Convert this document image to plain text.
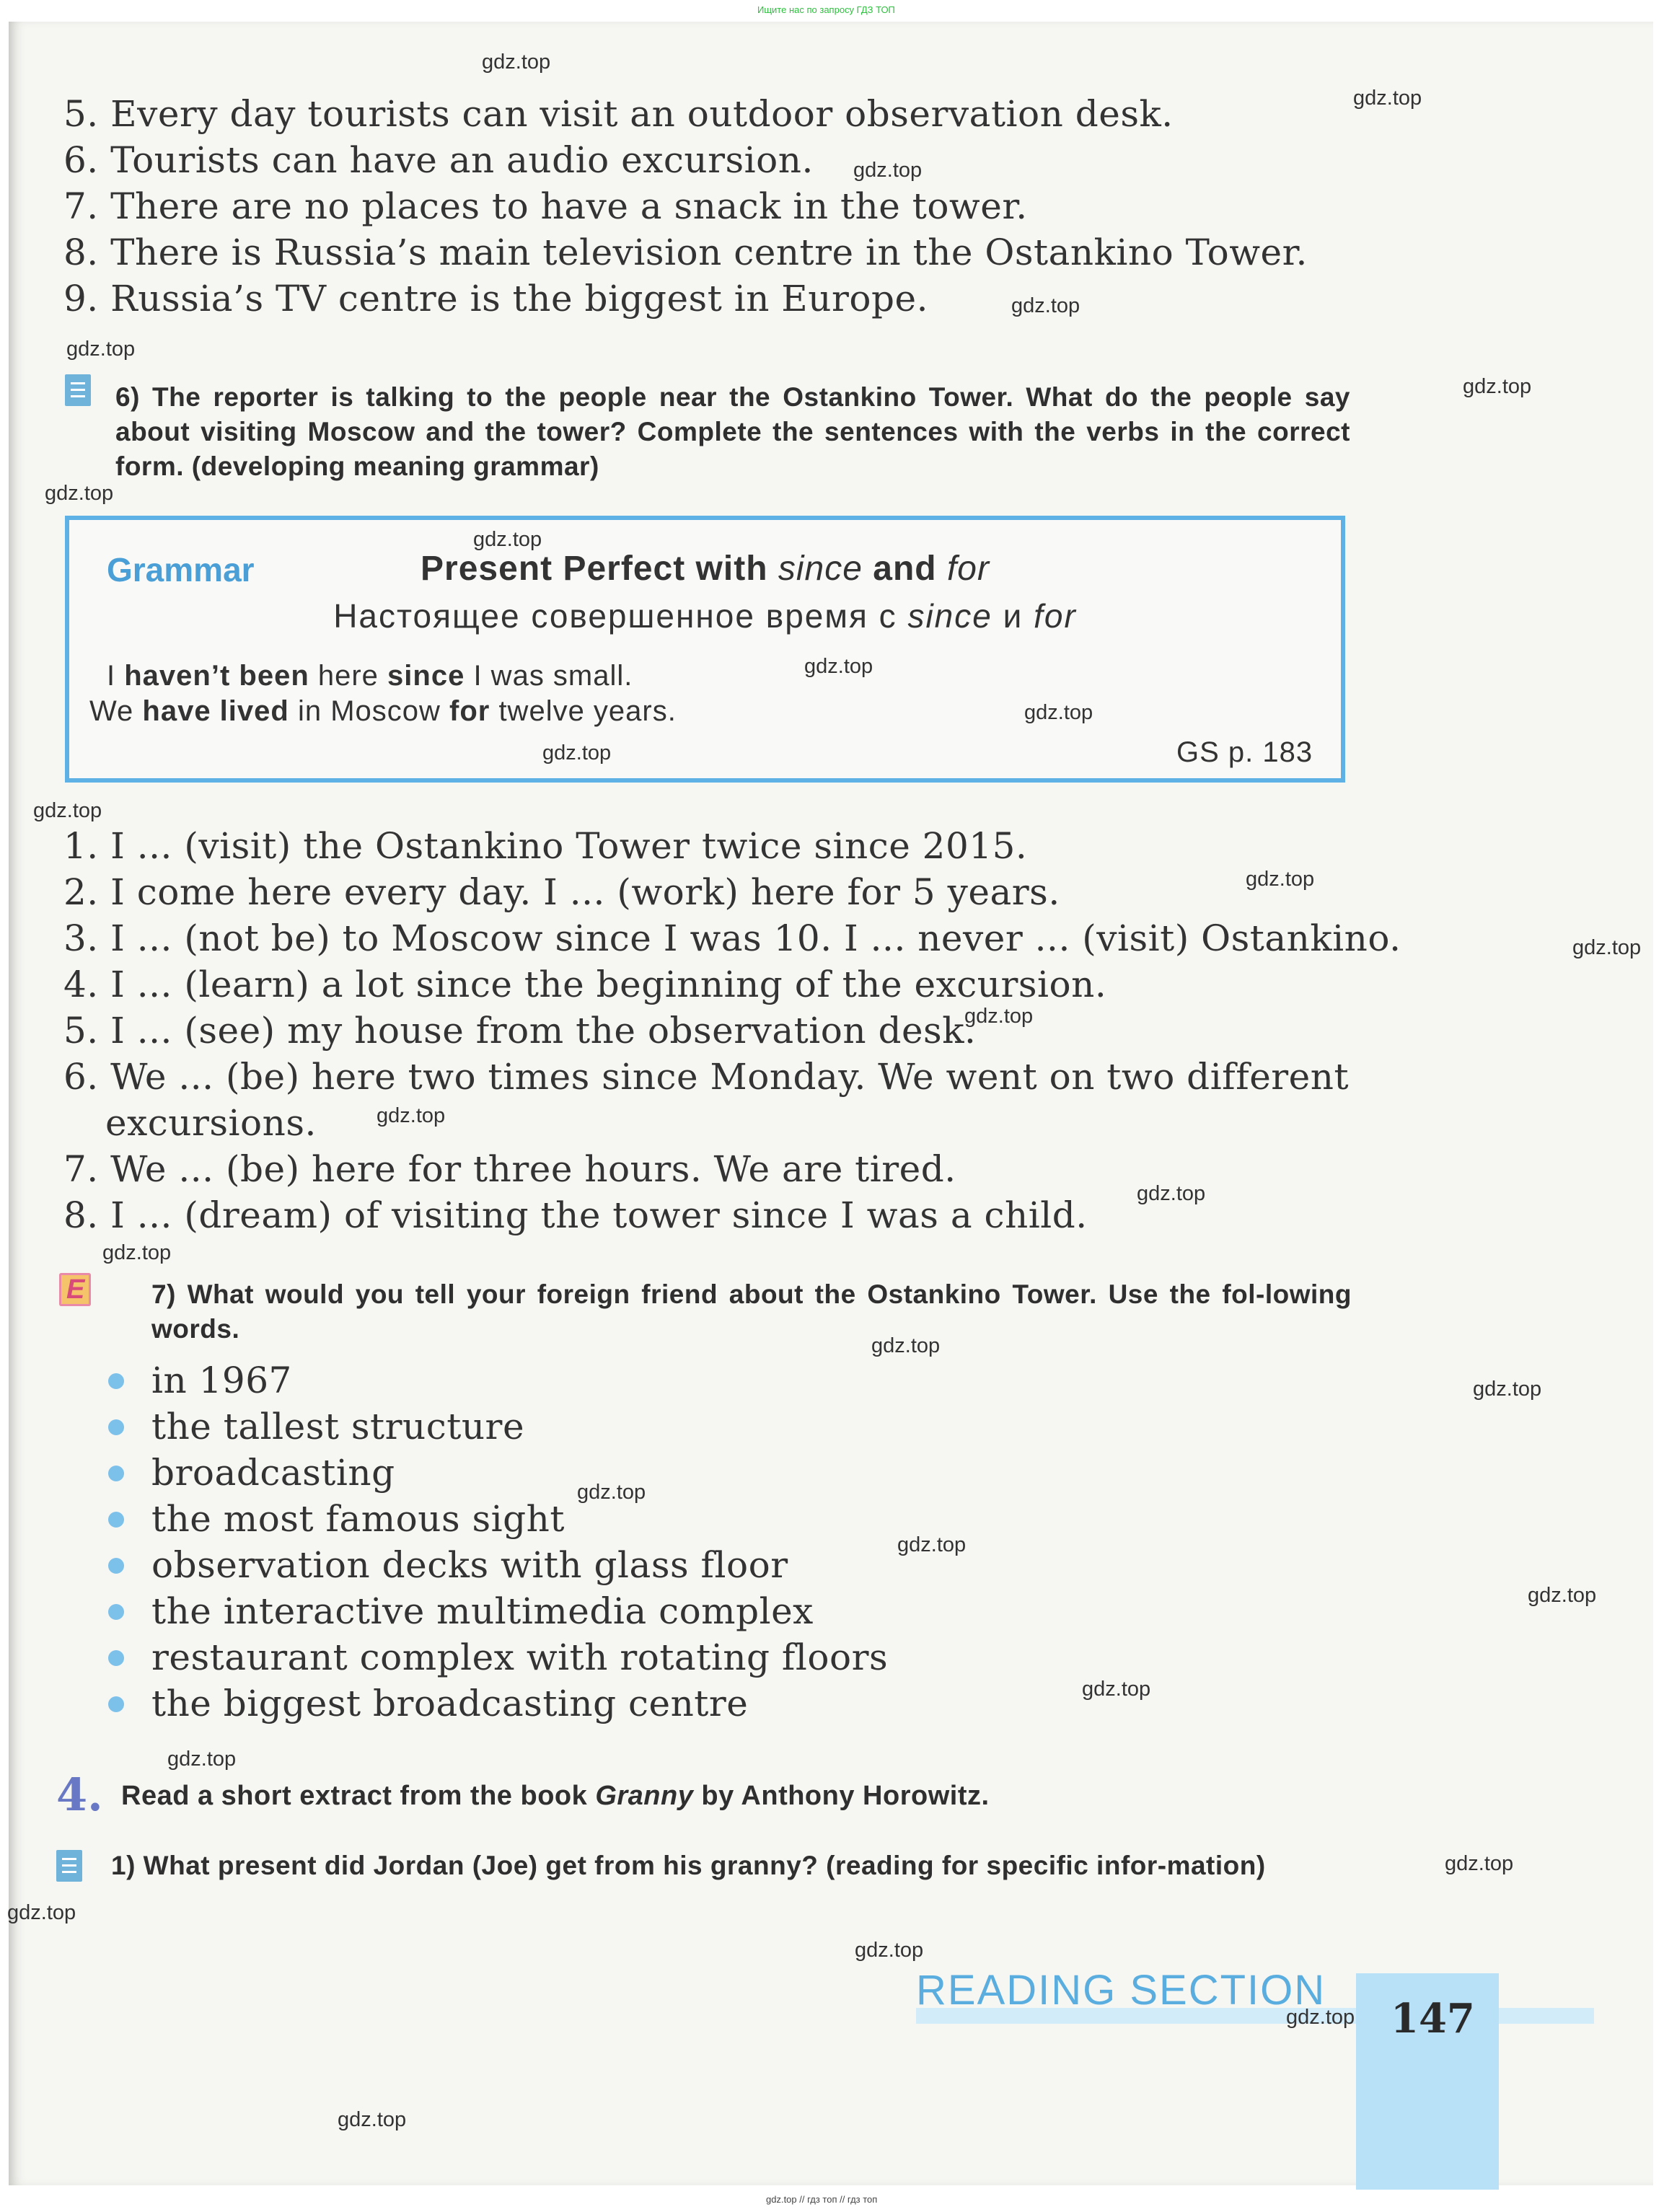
Ищите нас по запросу ГДЗ ТОП
5. Every day tourists can visit an outdoor observation desk.
6. Tourists can have an audio excursion.
7. There are no places to have a snack in the tower.
8. There is Russia’s main television centre in the Ostankino Tower.
9. Russia’s TV centre is the biggest in Europe.
6) The reporter is talking to the people near the Ostankino Tower. What do the people say about visiting Moscow and the tower? Complete the sentences with the verbs in the correct form. (developing meaning grammar)
Grammar	Present Perfect with since and for
Настоящее совершенное время с since и for
I haven’t been here since I was small.
We have lived in Moscow for twelve years.
GS p. 183
1. I ... (visit) the Ostankino Tower twice since 2015.
2. I come here every day. I ... (work) here for 5 years.
3. I ... (not be) to Moscow since I was 10. I ... never ... (visit) Ostankino.
4. I ... (learn) a lot since the beginning of the excursion.
5. I ... (see) my house from the observation desk.
6. We ... (be) here two times since Monday. We went on two different
excursions.
7. We ... (be) here for three hours. We are tired.
8. I ... (dream) of visiting the tower since I was a child.
E	7) What would you tell your foreign friend about the Ostankino Tower. Use the fol-lowing words.
in 1967
the tallest structure
broadcasting
the most famous sight
observation decks with glass floor
the interactive multimedia complex
restaurant complex with rotating floors
the biggest broadcasting centre
4. Read a short extract from the book Granny by Anthony Horowitz.
1) What present did Jordan (Joe) get from his granny? (reading for specific infor-mation)
READING SECTION
147
gdz.top // гдз топ // гдз топ
gdz.top
gdz.top
gdz.top
gdz.top
gdz.top
gdz.top
gdz.top
gdz.top
gdz.top
gdz.top
gdz.top
gdz.top
gdz.top
gdz.top
gdz.top
gdz.top
gdz.top
gdz.top
gdz.top
gdz.top
gdz.top
gdz.top
gdz.top
gdz.top
gdz.top
gdz.top
gdz.top
gdz.top
gdz.top
gdz.top
